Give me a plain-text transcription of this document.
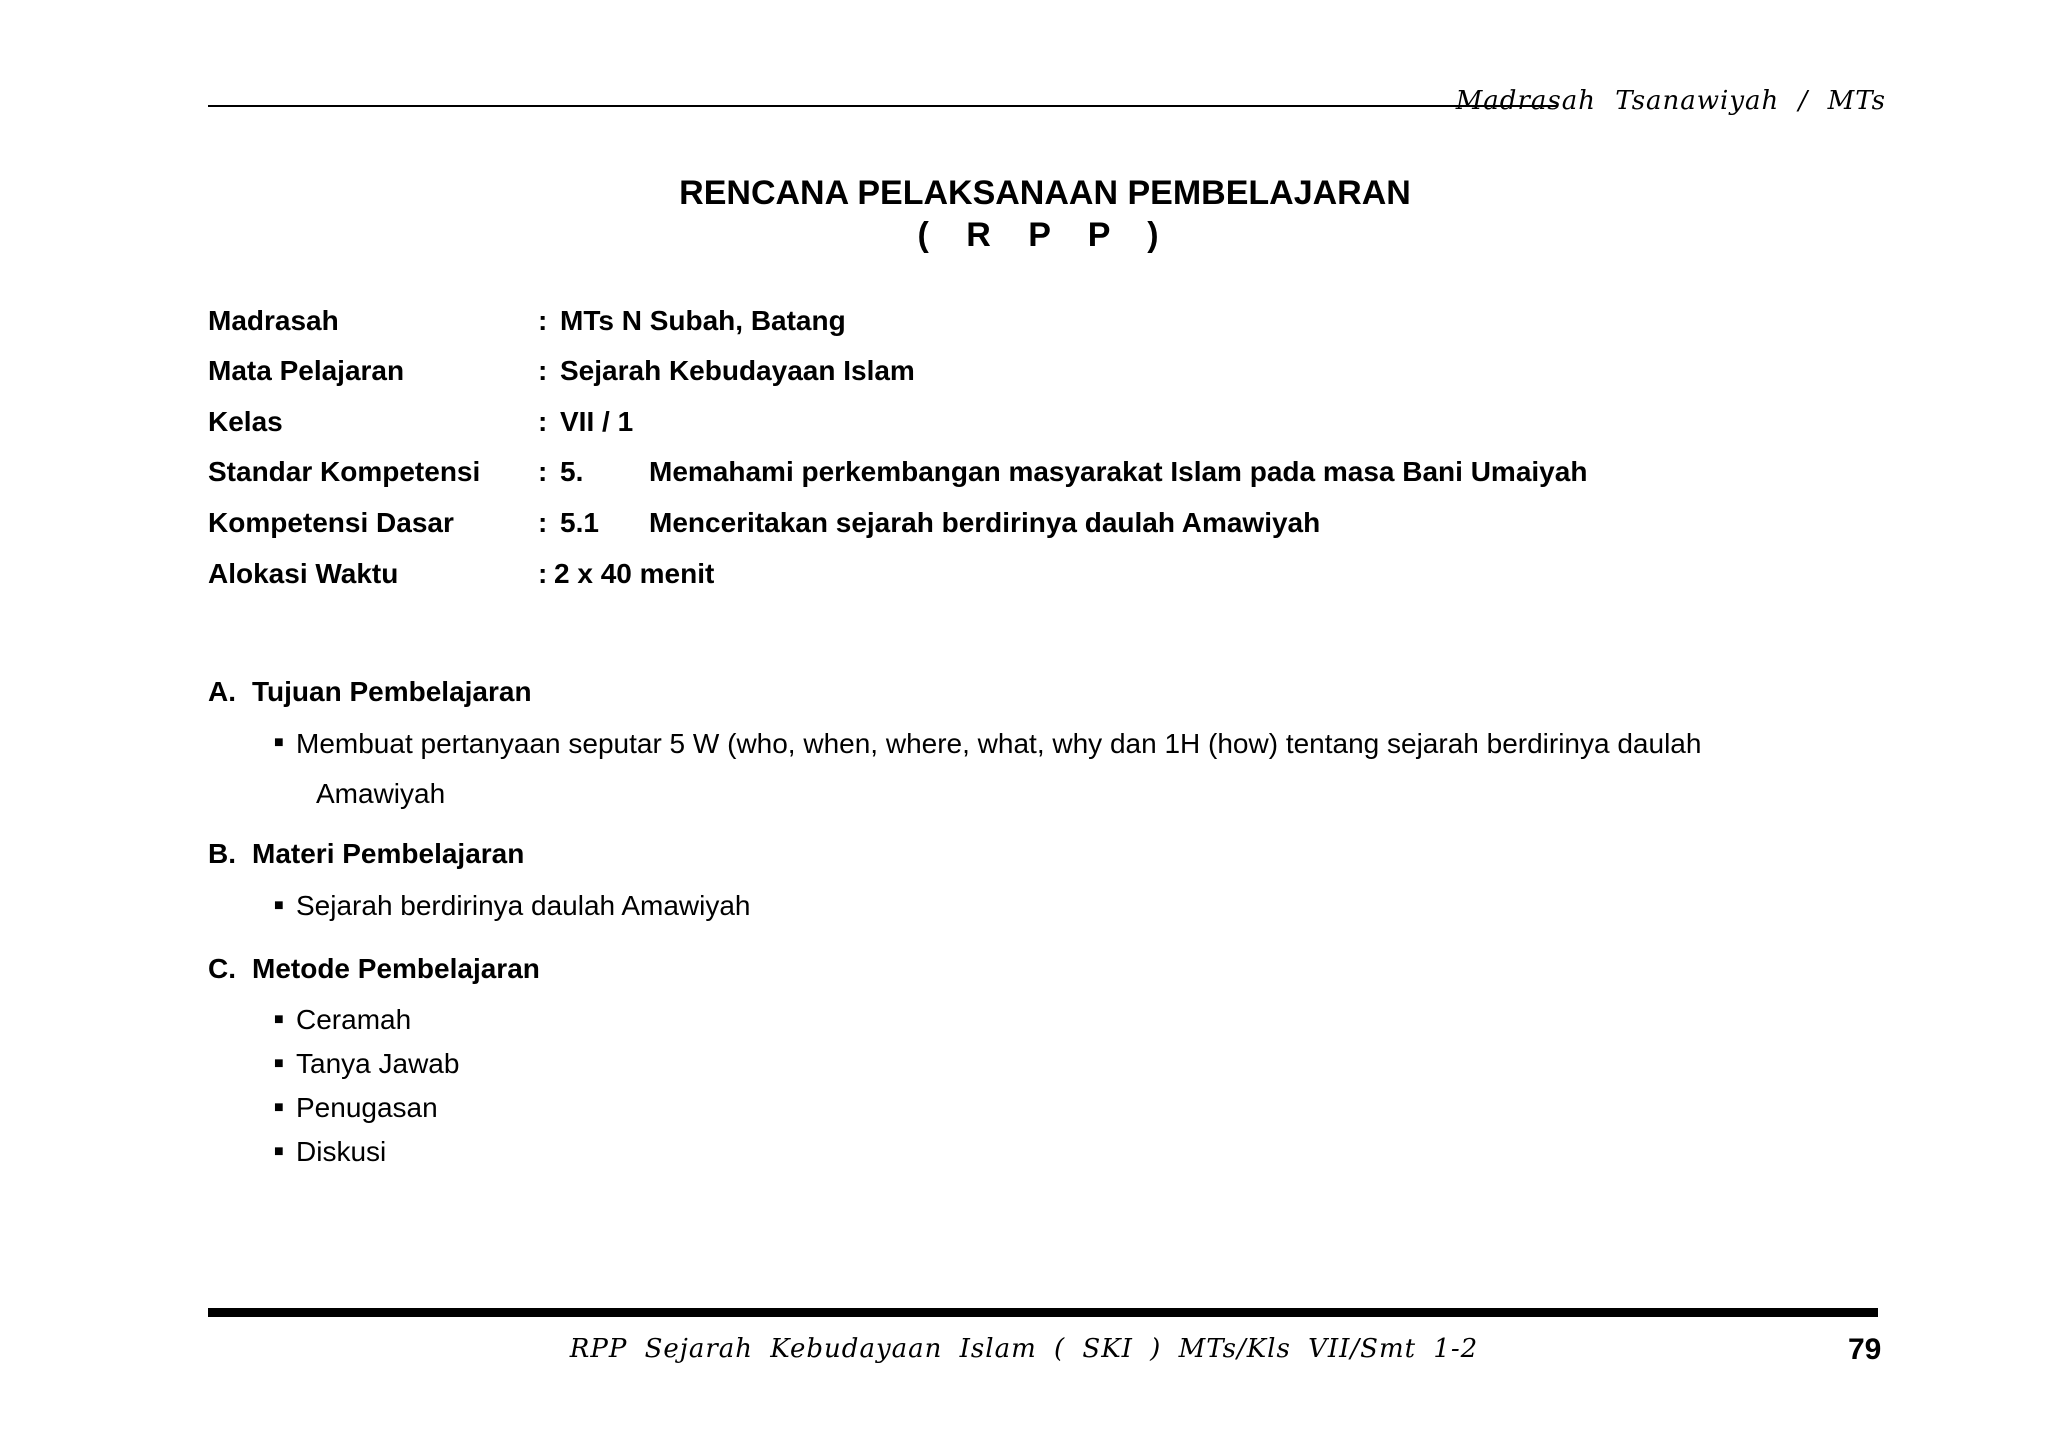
Madrasah Tsanawiyah / MTs
RENCANA PELAKSANAAN PEMBELAJARAN
( R P P )
Madrasah	: MTs N Subah, Batang
Mata Pelajaran	: Sejarah Kebudayaan Islam
Kelas	: VII / 1
Standar Kompetensi : 5. Memahami perkembangan masyarakat Islam pada masa Bani Umaiyah
Kompetensi Dasar	: 5.1 Menceritakan sejarah berdirinya daulah Amawiyah
Alokasi Waktu	: 2 x 40 menit
A. Tujuan Pembelajaran
■ Membuat pertanyaan seputar 5 W (who, when, where, what, why dan 1H (how) tentang sejarah berdirinya daulah
Amawiyah
B. Materi Pembelajaran
■ Sejarah berdirinya daulah Amawiyah
C. Metode Pembelajaran
■ Ceramah
■ Tanya Jawab
■ Penugasan
■ Diskusi
RPP Sejarah Kebudayaan Islam ( SKI ) MTs/Kls VII/Smt 1-2	79
